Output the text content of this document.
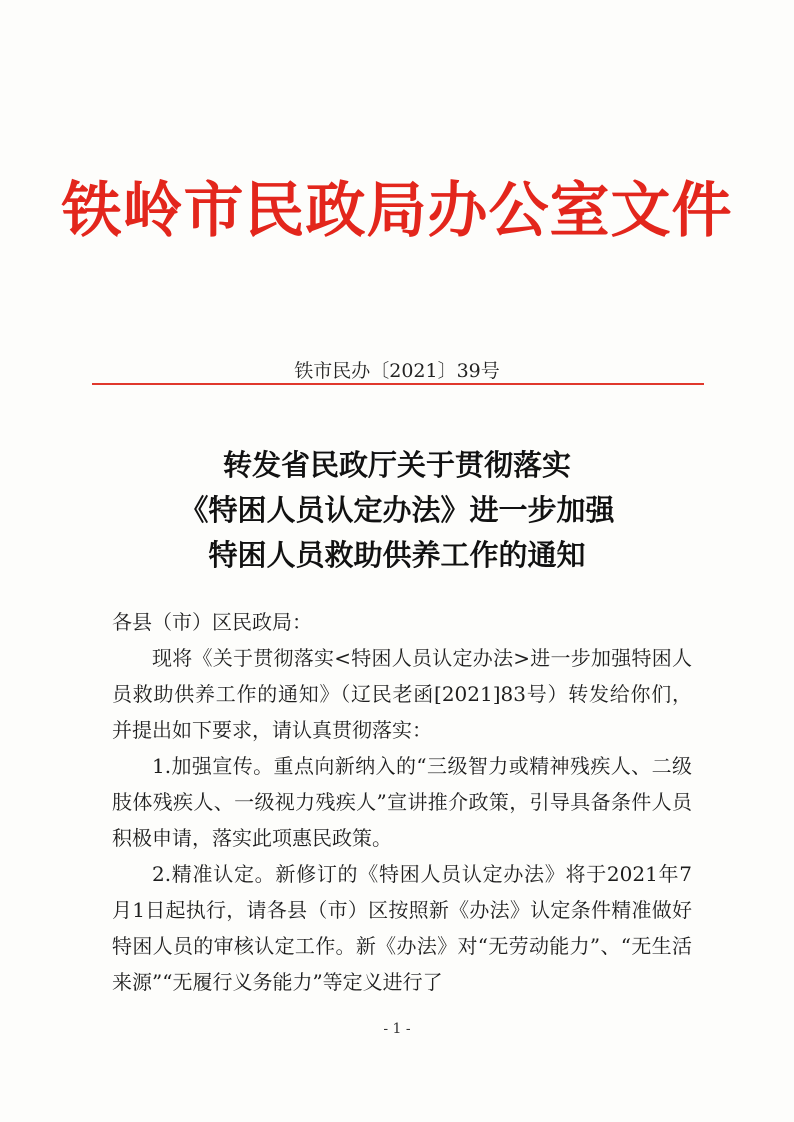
铁岭市民政局办公室文件
铁市民办〔2021〕39号
转发省民政厅关于贯彻落实
《特困人员认定办法》进一步加强
特困人员救助供养工作的通知

各县（市）区民政局：

现将《关于贯彻落实<特困人员认定办法>进一步加强特困人员救助供养工作的通知》（辽民老函[2021]83号）转发给你们，并提出如下要求，请认真贯彻落实：

1.加强宣传。重点向新纳入的“三级智力或精神残疾人、二级肢体残疾人、一级视力残疾人”宣讲推介政策，引导具备条件人员积极申请，落实此项惠民政策。

2.精准认定。新修订的《特困人员认定办法》将于2021年7月1日起执行，请各县（市）区按照新《办法》认定条件精准做好特困人员的审核认定工作。新《办法》对“无劳动能力”、“无生活来源”“无履行义务能力”等定义进行了

- 1 -
